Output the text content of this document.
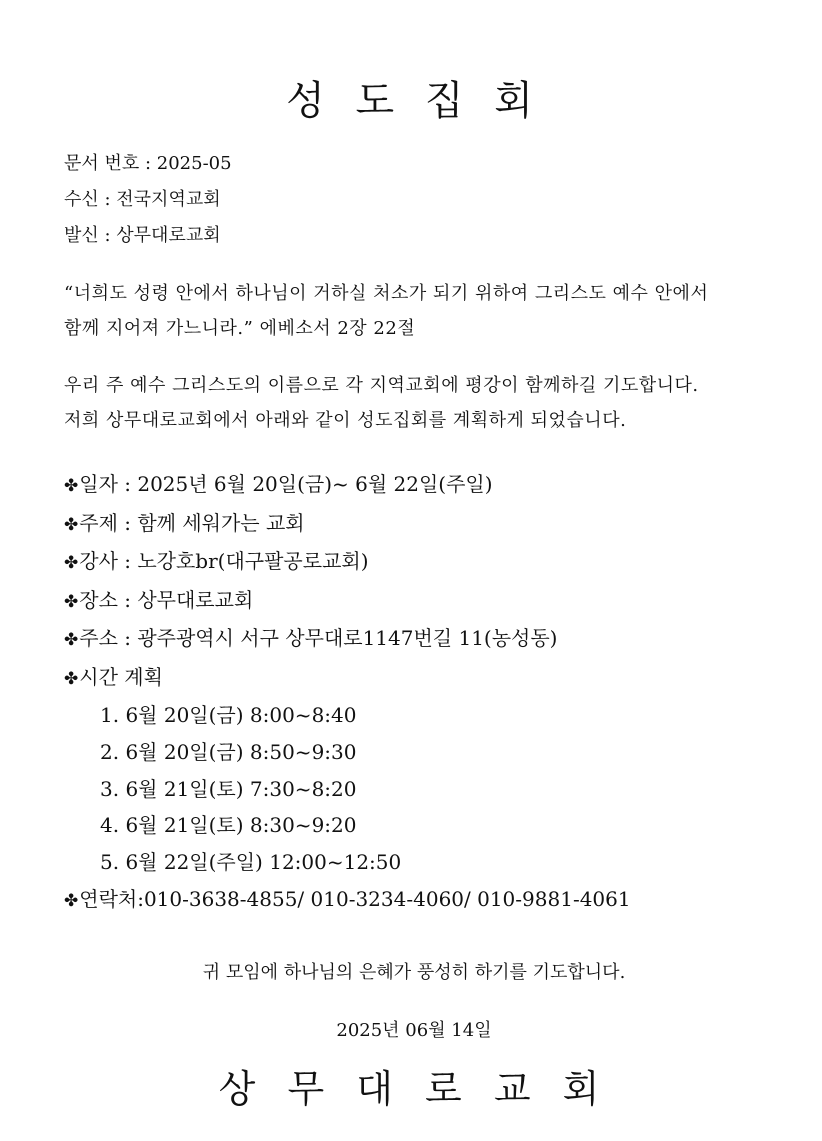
성 도 집 회
문서 번호 : 2025-05
수신 : 전국지역교회
발신 : 상무대로교회
“너희도 성령 안에서 하나님이 거하실 처소가 되기 위하여 그리스도 예수 안에서
함께 지어져 가느니라.” 에베소서 2장 22절
우리 주 예수 그리스도의 이름으로 각 지역교회에 평강이 함께하길 기도합니다.
저희 상무대로교회에서 아래와 같이 성도집회를 계획하게 되었습니다.
✤ 일자 : 2025년 6월 20일(금)~ 6월 22일(주일)
✤ 주제 : 함께 세워가는 교회
✤ 강사 : 노강호br(대구팔공로교회)
✤ 장소 : 상무대로교회
✤ 주소 : 광주광역시 서구 상무대로1147번길 11(농성동)
✤ 시간 계획
1. 6월 20일(금) 8:00~8:40
2. 6월 20일(금) 8:50~9:30
3. 6월 21일(토) 7:30~8:20
4. 6월 21일(토) 8:30~9:20
5. 6월 22일(주일) 12:00~12:50
✤ 연락처:010-3638-4855/ 010-3234-4060/ 010-9881-4061
귀 모임에 하나님의 은혜가 풍성히 하기를 기도합니다.
2025년 06월 14일
상 무 대 로 교 회
